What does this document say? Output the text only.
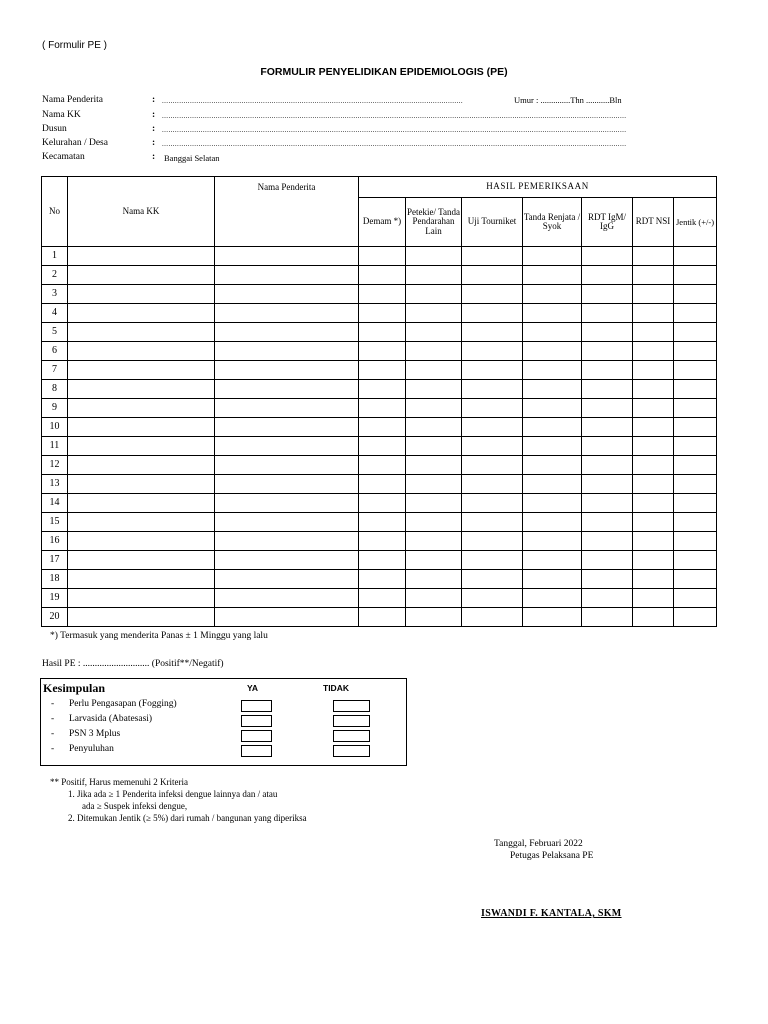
( Formulir PE )
FORMULIR PENYELIDIKAN EPIDEMIOLOGIS (PE)
Nama Penderita	: ............................................................................................................................................	Umur : ..............Thn ...........Bln
Nama KK	: ........................................................................................................................................................................................................................
Dusun	: ........................................................................................................................................................................................................................
Kelurahan / Desa	: ........................................................................................................................................................................................................................
Kecamatan	: Banggai Selatan
No	Nama KK	Nama Penderita	HASIL PEMERIKSAAN						
			Demam *)	Petekie/ Tanda Pendarahan Lain	Uji Tourniket	Tanda Renjata / Syok	RDT IgM/ IgG	RDT NSI	Jentik (+/-)
1									
2									
3									
4									
5									
6									
7									
8									
9									
10									
11									
12									
13									
14									
15									
16									
17									
18									
19									
20									
*) Termasuk yang menderita Panas ± 1 Minggu yang lalu
Hasil PE : ............................ (Positif**/Negatif)
Kesimpulan	YA	TIDAK
- Perlu Pengasapan (Fogging)
- Larvasida (Abatesasi)
- PSN 3 Mplus
- Penyuluhan
** Positif, Harus memenuhi 2 Kriteria
1. Jika ada ≥ 1 Penderita infeksi dengue lainnya dan / atau
ada ≥ Suspek infeksi dengue,
2. Ditemukan Jentik (≥ 5%) dari rumah / bangunan yang diperiksa
Tanggal, Februari 2022
Petugas Pelaksana PE
ISWANDI F. KANTALA, SKM
